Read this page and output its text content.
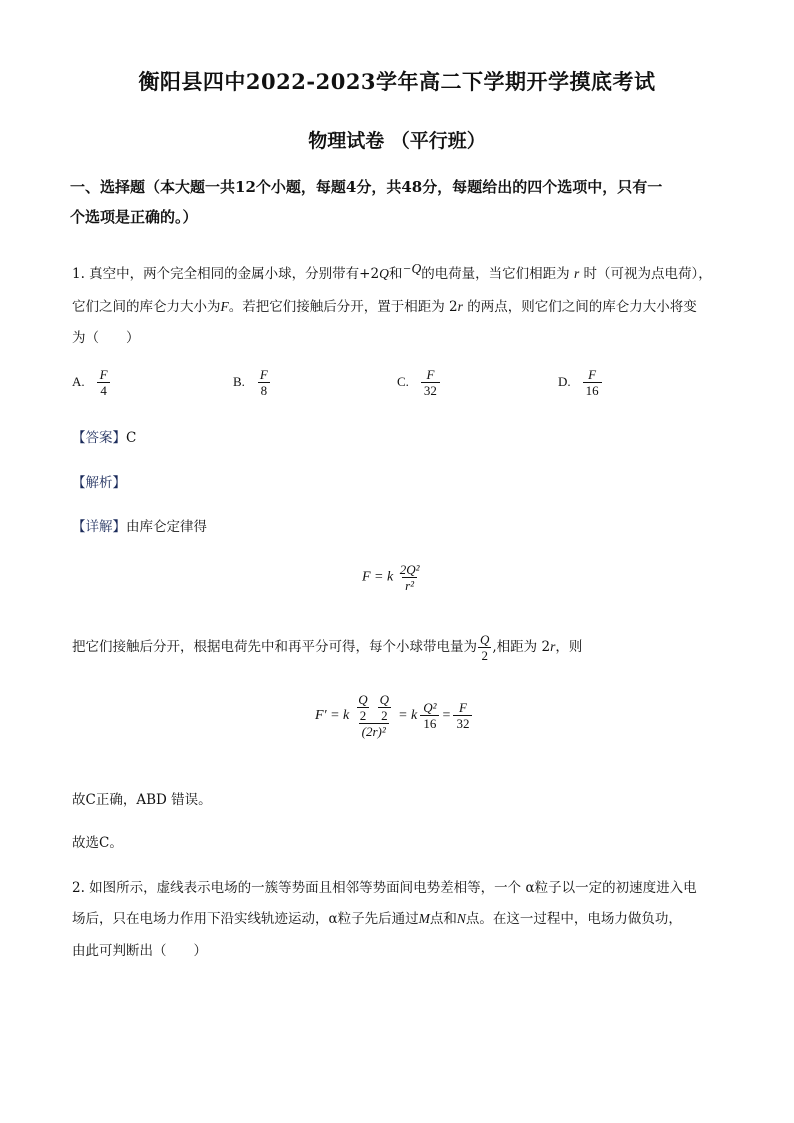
衡阳县四中2022-2023学年高二下学期开学摸底考试
物理试卷 （平行班）
一、选择题（本大题一共12个小题，每题4分，共48分，每题给出的四个选项中，只有一
个选项是正确的。）
1. 真空中，两个完全相同的金属小球，分别带有+2Q和−Q的电荷量，当它们相距为 r 时（可视为点电荷），
它们之间的库仑力大小为F。若把它们接触后分开，置于相距为 2r 的两点，则它们之间的库仑力大小将变
为（　　）
A. $\frac{F}{4}$	B. $\frac{F}{8}$	C. $\frac{F}{32}$	D. $\frac{F}{16}$
【答案】C
【解析】
【详解】由库仑定律得
F = k $\frac{\text{2Q²}}{\text{r²}}$
把它们接触后分开，根据电荷先中和再平分可得，每个小球带电量为 $\frac{Q}{2}$ ,相距为 2r，则
F′ = k $\frac{\frac{Q}{2} \frac{Q}{2}}{\text{(2r)²}} = k \frac{\text{Q²}}{16} = \frac{F}{32}$
故C正确，ABD 错误。
故选C。
2. 如图所示，虚线表示电场的一簇等势面且相邻等势面间电势差相等，一个 α粒子以一定的初速度进入电
场后，只在电场力作用下沿实线轨迹运动，α粒子先后通过M点和N点。在这一过程中，电场力做负功，
由此可判断出（　　）
